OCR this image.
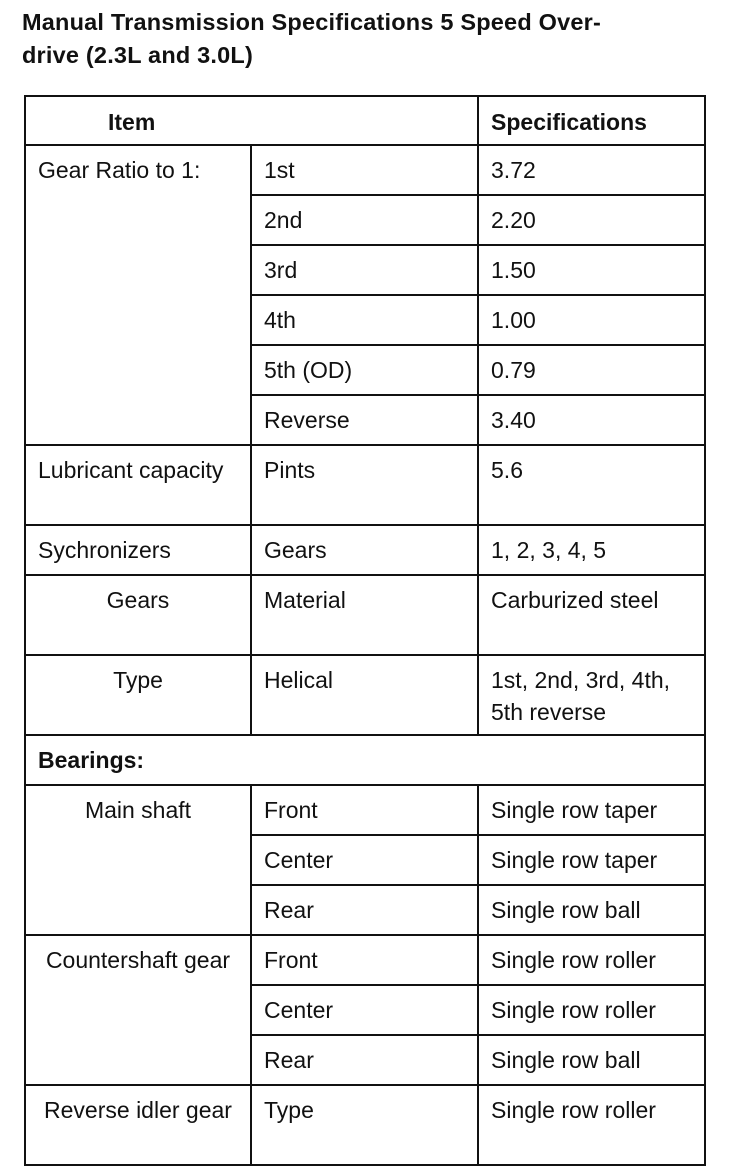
Manual Transmission Specifications 5 Speed Over-
drive (2.3L and 3.0L)
Item		Specifications
Gear Ratio to 1:	1st	3.72
	2nd	2.20
	3rd	1.50
	4th	1.00
	5th (OD)	0.79
	Reverse	3.40
Lubricant capacity	Pints	5.6
Sychronizers	Gears	1, 2, 3, 4, 5
Gears	Material	Carburized steel
Type	Helical	1st, 2nd, 3rd, 4th, 5th reverse
Bearings:		
Main shaft	Front	Single row taper
	Center	Single row taper
	Rear	Single row ball
Countershaft gear	Front	Single row roller
	Center	Single row roller
	Rear	Single row ball
Reverse idler gear	Type	Single row roller
